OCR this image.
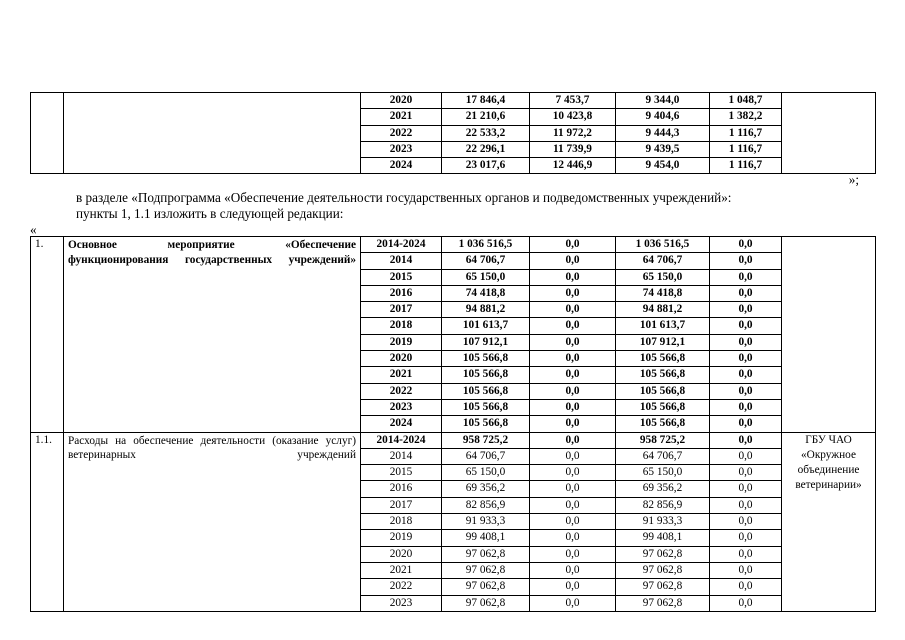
		2020	17 846,4	7 453,7	9 344,0	1 048,7	
		2021	21 210,6	10 423,8	9 404,6	1 382,2	
		2022	22 533,2	11 972,2	9 444,3	1 116,7	
		2023	22 296,1	11 739,9	9 439,5	1 116,7	
		2024	23 017,6	12 446,9	9 454,0	1 116,7	
»;
в разделе «Подпрограмма «Обеспечение деятельности государственных органов и подведомственных учреждений»:
пункты 1, 1.1 изложить в следующей редакции:
«
1.	Основное мероприятие «Обеспечение функционирования государственных учреждений»	2014-2024	1 036 516,5	0,0	1 036 516,5	0,0	
		2014	64 706,7	0,0	64 706,7	0,0	
		2015	65 150,0	0,0	65 150,0	0,0	
		2016	74 418,8	0,0	74 418,8	0,0	
		2017	94 881,2	0,0	94 881,2	0,0	
		2018	101 613,7	0,0	101 613,7	0,0	
		2019	107 912,1	0,0	107 912,1	0,0	
		2020	105 566,8	0,0	105 566,8	0,0	
		2021	105 566,8	0,0	105 566,8	0,0	
		2022	105 566,8	0,0	105 566,8	0,0	
		2023	105 566,8	0,0	105 566,8	0,0	
		2024	105 566,8	0,0	105 566,8	0,0	
1.1.	Расходы на обеспечение деятельности (оказание услуг) ветеринарных учреждений	2014-2024	958 725,2	0,0	958 725,2	0,0	ГБУ ЧАО «Окружное объединение ветеринарии»
		2014	64 706,7	0,0	64 706,7	0,0	
		2015	65 150,0	0,0	65 150,0	0,0	
		2016	69 356,2	0,0	69 356,2	0,0	
		2017	82 856,9	0,0	82 856,9	0,0	
		2018	91 933,3	0,0	91 933,3	0,0	
		2019	99 408,1	0,0	99 408,1	0,0	
		2020	97 062,8	0,0	97 062,8	0,0	
		2021	97 062,8	0,0	97 062,8	0,0	
		2022	97 062,8	0,0	97 062,8	0,0	
		2023	97 062,8	0,0	97 062,8	0,0	
